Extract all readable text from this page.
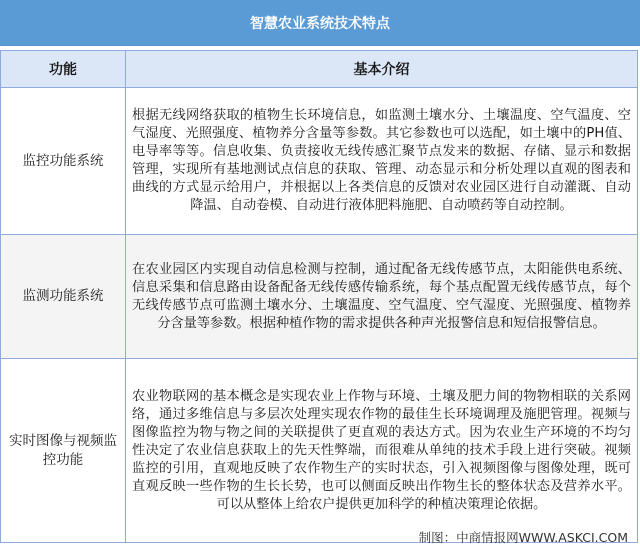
智慧农业系统技术特点
功能	基本介绍
监控功能系统	根据无线网络获取的植物生长环境信息，如监测土壤水分、土壤温度、空气温度、空气湿度、光照强度、植物养分含量等参数。其它参数也可以选配，如土壤中的PH值、电导率等等。信息收集、负责接收无线传感汇聚节点发来的数据、存储、显示和数据管理，实现所有基地测试点信息的获取、管理、动态显示和分析处理以直观的图表和曲线的方式显示给用户，并根据以上各类信息的反馈对农业园区进行自动灌溉、自动降温、自动卷模、自动进行液体肥料施肥、自动喷药等自动控制。
监测功能系统	在农业园区内实现自动信息检测与控制，通过配备无线传感节点，太阳能供电系统、信息采集和信息路由设备配备无线传感传输系统，每个基点配置无线传感节点，每个无线传感节点可监测土壤水分、土壤温度、空气温度、空气湿度、光照强度、植物养分含量等参数。根据种植作物的需求提供各种声光报警信息和短信报警信息。
实时图像与视频监控功能	农业物联网的基本概念是实现农业上作物与环境、土壤及肥力间的物物相联的关系网络，通过多维信息与多层次处理实现农作物的最佳生长环境调理及施肥管理。视频与图像监控为物与物之间的关联提供了更直观的表达方式。因为农业生产环境的不均匀性决定了农业信息获取上的先天性弊端，而很难从单纯的技术手段上进行突破。视频监控的引用，直观地反映了农作物生产的实时状态，引入视频图像与图像处理，既可直观反映一些作物的生长长势，也可以侧面反映出作物生长的整体状态及营养水平。可以从整体上给农户提供更加科学的种植决策理论依据。
制图：中商情报网WWW.ASKCI.COM
